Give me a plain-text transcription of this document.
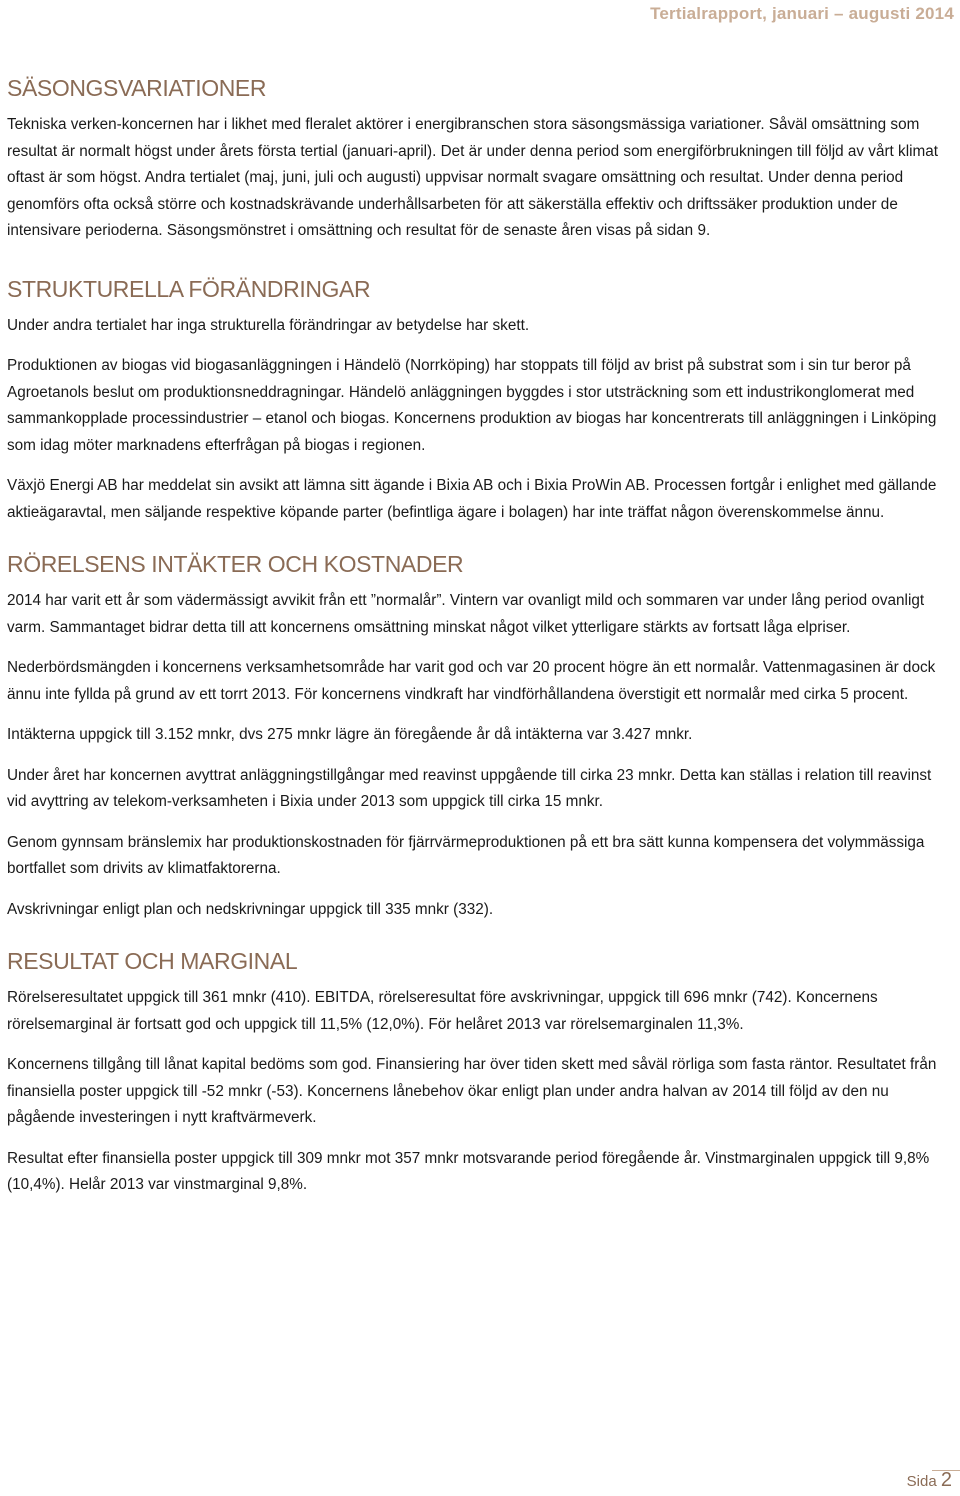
Tertialrapport, januari – augusti 2014
SÄSONGSVARIATIONER

Tekniska verken-koncernen har i likhet med fleralet aktörer i energibranschen stora säsongsmässiga variationer. Såväl omsättning som resultat är normalt högst under årets första tertial (januari-april). Det är under denna period som energiförbrukningen till följd av vårt klimat oftast är som högst. Andra tertialet (maj, juni, juli och augusti) uppvisar normalt svagare omsättning och resultat. Under denna period genomförs ofta också större och kostnadskrävande underhållsarbeten för att säkerställa effektiv och driftssäker produktion under de intensivare perioderna. Säsongsmönstret i omsättning och resultat för de senaste åren visas på sidan 9.

STRUKTURELLA FÖRÄNDRINGAR

Under andra tertialet har inga strukturella förändringar av betydelse har skett.

Produktionen av biogas vid biogasanläggningen i Händelö (Norrköping) har stoppats till följd av brist på substrat som i sin tur beror på Agroetanols beslut om produktionsneddragningar. Händelö anläggningen byggdes i stor utsträckning som ett industrikonglomerat med sammankopplade processindustrier – etanol och biogas. Koncernens produktion av biogas har koncentrerats till anläggningen i Linköping som idag möter marknadens efterfrågan på biogas i regionen.

Växjö Energi AB har meddelat sin avsikt att lämna sitt ägande i Bixia AB och i Bixia ProWin AB. Processen fortgår i enlighet med gällande aktieägaravtal, men säljande respektive köpande parter (befintliga ägare i bolagen) har inte träffat någon överenskommelse ännu.

RÖRELSENS INTÄKTER OCH KOSTNADER

2014 har varit ett år som vädermässigt avvikit från ett ”normalår”. Vintern var ovanligt mild och sommaren var under lång period ovanligt varm. Sammantaget bidrar detta till att koncernens omsättning minskat något vilket ytterligare stärkts av fortsatt låga elpriser.

Nederbördsmängden i koncernens verksamhetsområde har varit god och var 20 procent högre än ett normalår. Vattenmagasinen är dock ännu inte fyllda på grund av ett torrt 2013. För koncernens vindkraft har vindförhållandena överstigit ett normalår med cirka 5 procent.

Intäkterna uppgick till 3.152 mnkr, dvs 275 mnkr lägre än föregående år då intäkterna var 3.427 mnkr.

Under året har koncernen avyttrat anläggningstillgångar med reavinst uppgående till cirka 23 mnkr. Detta kan ställas i relation till reavinst vid avyttring av telekom-verksamheten i Bixia under 2013 som uppgick till cirka 15 mnkr.

Genom gynnsam bränslemix har produktionskostnaden för fjärrvärmeproduktionen på ett bra sätt kunna kompensera det volymmässiga bortfallet som drivits av klimatfaktorerna.

Avskrivningar enligt plan och nedskrivningar uppgick till 335 mnkr (332).

RESULTAT OCH MARGINAL

Rörelseresultatet uppgick till 361 mnkr (410). EBITDA, rörelseresultat före avskrivningar, uppgick till 696 mnkr (742). Koncernens rörelsemarginal är fortsatt god och uppgick till 11,5% (12,0%). För helåret 2013 var rörelsemarginalen 11,3%.

Koncernens tillgång till lånat kapital bedöms som god. Finansiering har över tiden skett med såväl rörliga som fasta räntor. Resultatet från finansiella poster uppgick till -52 mnkr (-53). Koncernens lånebehov ökar enligt plan under andra halvan av 2014 till följd av den nu pågående investeringen i nytt kraftvärmeverk.

Resultat efter finansiella poster uppgick till 309 mnkr mot 357 mnkr motsvarande period föregående år. Vinstmarginalen uppgick till 9,8% (10,4%). Helår 2013 var vinstmarginal 9,8%.

Sida 2
